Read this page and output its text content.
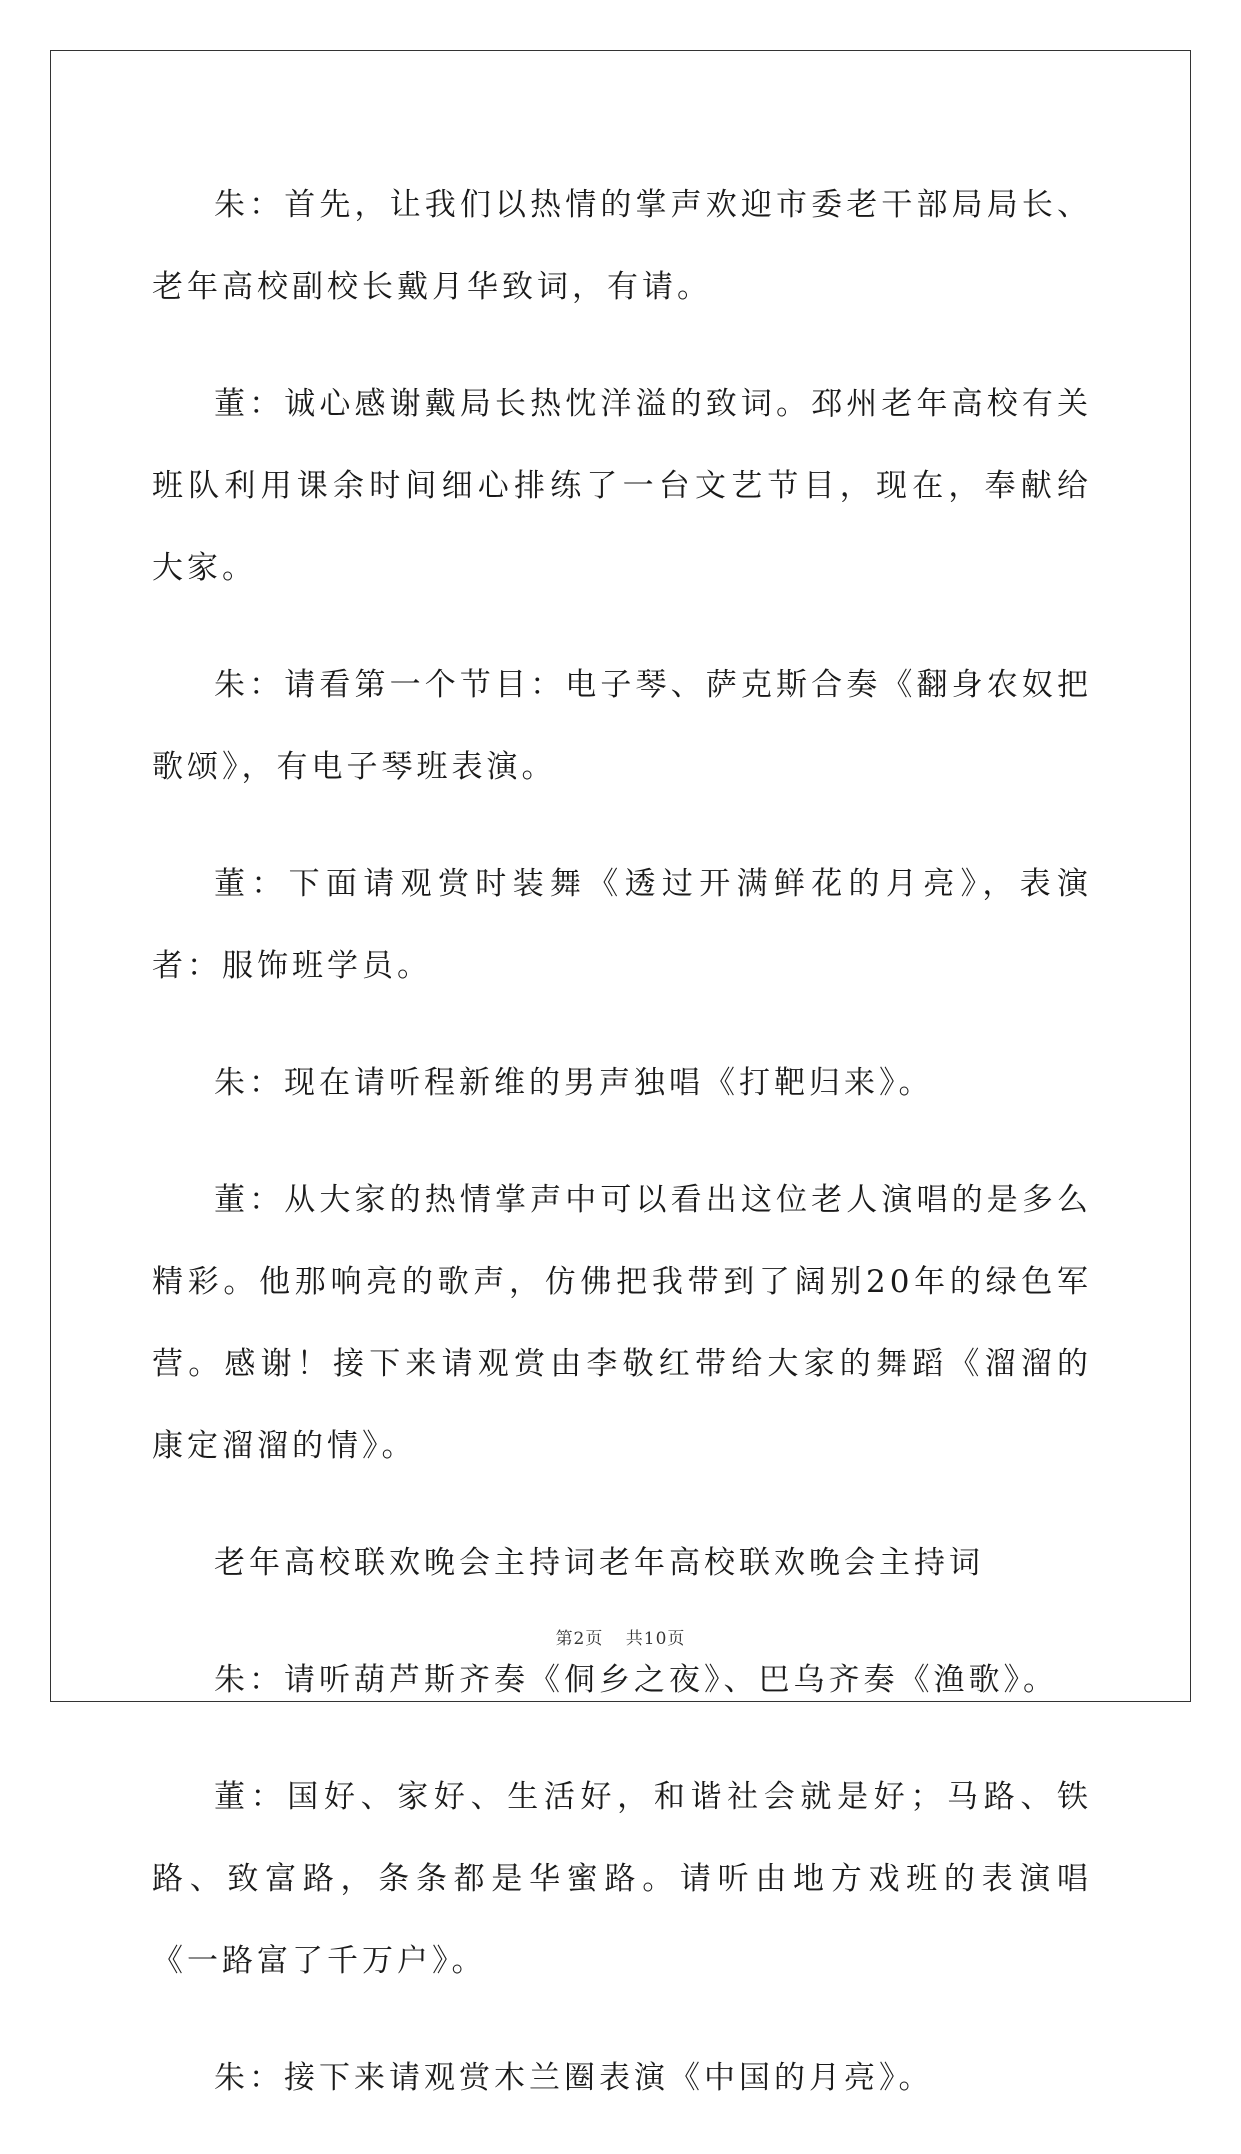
朱：首先，让我们以热情的掌声欢迎市委老干部局局长、老年高校副校长戴月华致词，有请。

董：诚心感谢戴局长热忱洋溢的致词。邳州老年高校有关班队利用课余时间细心排练了一台文艺节目，现在，奉献给大家。

朱：请看第一个节目：电子琴、萨克斯合奏《翻身农奴把歌颂》，有电子琴班表演。

董：下面请观赏时装舞《透过开满鲜花的月亮》，表演者：服饰班学员。

朱：现在请听程新维的男声独唱《打靶归来》。

董：从大家的热情掌声中可以看出这位老人演唱的是多么精彩。他那响亮的歌声，仿佛把我带到了阔别20年的绿色军营。感谢！接下来请观赏由李敬红带给大家的舞蹈《溜溜的康定溜溜的情》。

老年高校联欢晚会主持词老年高校联欢晚会主持词

朱：请听葫芦斯齐奏《侗乡之夜》、巴乌齐奏《渔歌》。

董：国好、家好、生活好，和谐社会就是好；马路、铁路、致富路，条条都是华蜜路。请听由地方戏班的表演唱《一路富了千万户》。

朱：接下来请观赏木兰圈表演《中国的月亮》。

第2页 共10页
